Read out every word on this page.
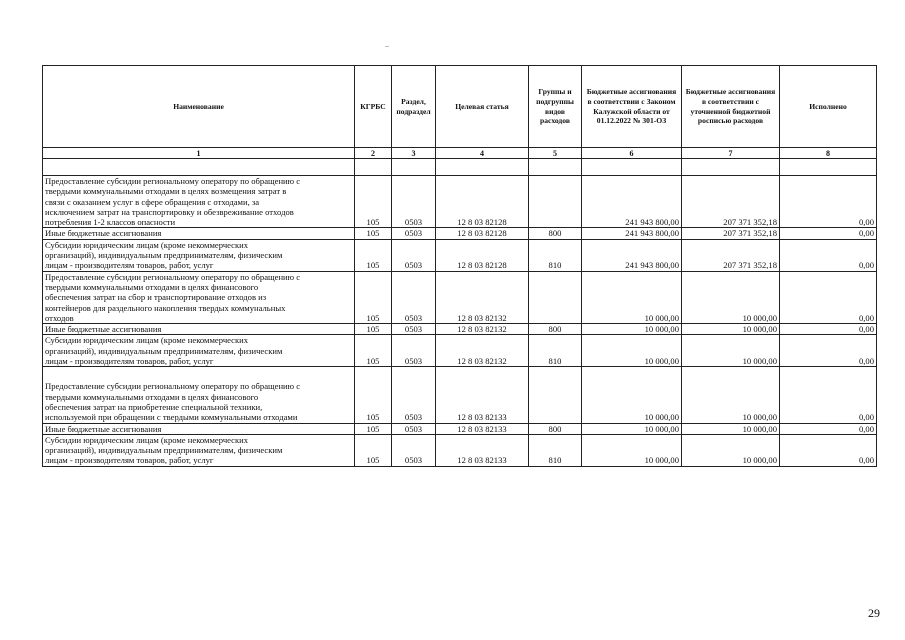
..
Наименование	КГРБС	Раздел, подраздел	Целевая статья	Группы и подгруппы видов расходов	Бюджетные ассигнования в соответствии с Законом Калужской области от 01.12.2022 № 301-ОЗ	Бюджетные ассигнования в соответствии с уточненной бюджетной росписью расходов	Исполнено
1	2	3	4	5	6	7	8

Предоставление субсидии региональному оператору по обращению с
твердыми коммунальными отходами в целях возмещения затрат в
связи с оказанием услуг в сфере обращения с отходами, за
исключением затрат на транспортировку и обезвреживание отходов
потребления 1-2 классов опасности	105	0503	12 8 03 82128		241 943 800,00	207 371 352,18	0,00
Иные бюджетные ассигнования	105	0503	12 8 03 82128	800	241 943 800,00	207 371 352,18	0,00
Субсидии юридическим лицам (кроме некоммерческих
организаций), индивидуальным предпринимателям, физическим
лицам - производителям товаров, работ, услуг	105	0503	12 8 03 82128	810	241 943 800,00	207 371 352,18	0,00
Предоставление субсидии региональному оператору по обращению с
твердыми коммунальными отходами в целях финансового
обеспечения затрат на сбор и транспортирование отходов из
контейнеров для раздельного накопления твердых коммунальных
отходов	105	0503	12 8 03 82132		10 000,00	10 000,00	0,00
Иные бюджетные ассигнования	105	0503	12 8 03 82132	800	10 000,00	10 000,00	0,00
Субсидии юридическим лицам (кроме некоммерческих
организаций), индивидуальным предпринимателям, физическим
лицам - производителям товаров, работ, услуг	105	0503	12 8 03 82132	810	10 000,00	10 000,00	0,00
Предоставление субсидии региональному оператору по обращению с
твердыми коммунальными отходами в целях финансового
обеспечения затрат на приобретение специальной техники,
используемой при обращении с твердыми коммунальными отходами	105	0503	12 8 03 82133		10 000,00	10 000,00	0,00
Иные бюджетные ассигнования	105	0503	12 8 03 82133	800	10 000,00	10 000,00	0,00
Субсидии юридическим лицам (кроме некоммерческих
организаций), индивидуальным предпринимателям, физическим
лицам - производителям товаров, работ, услуг	105	0503	12 8 03 82133	810	10 000,00	10 000,00	0,00
29
